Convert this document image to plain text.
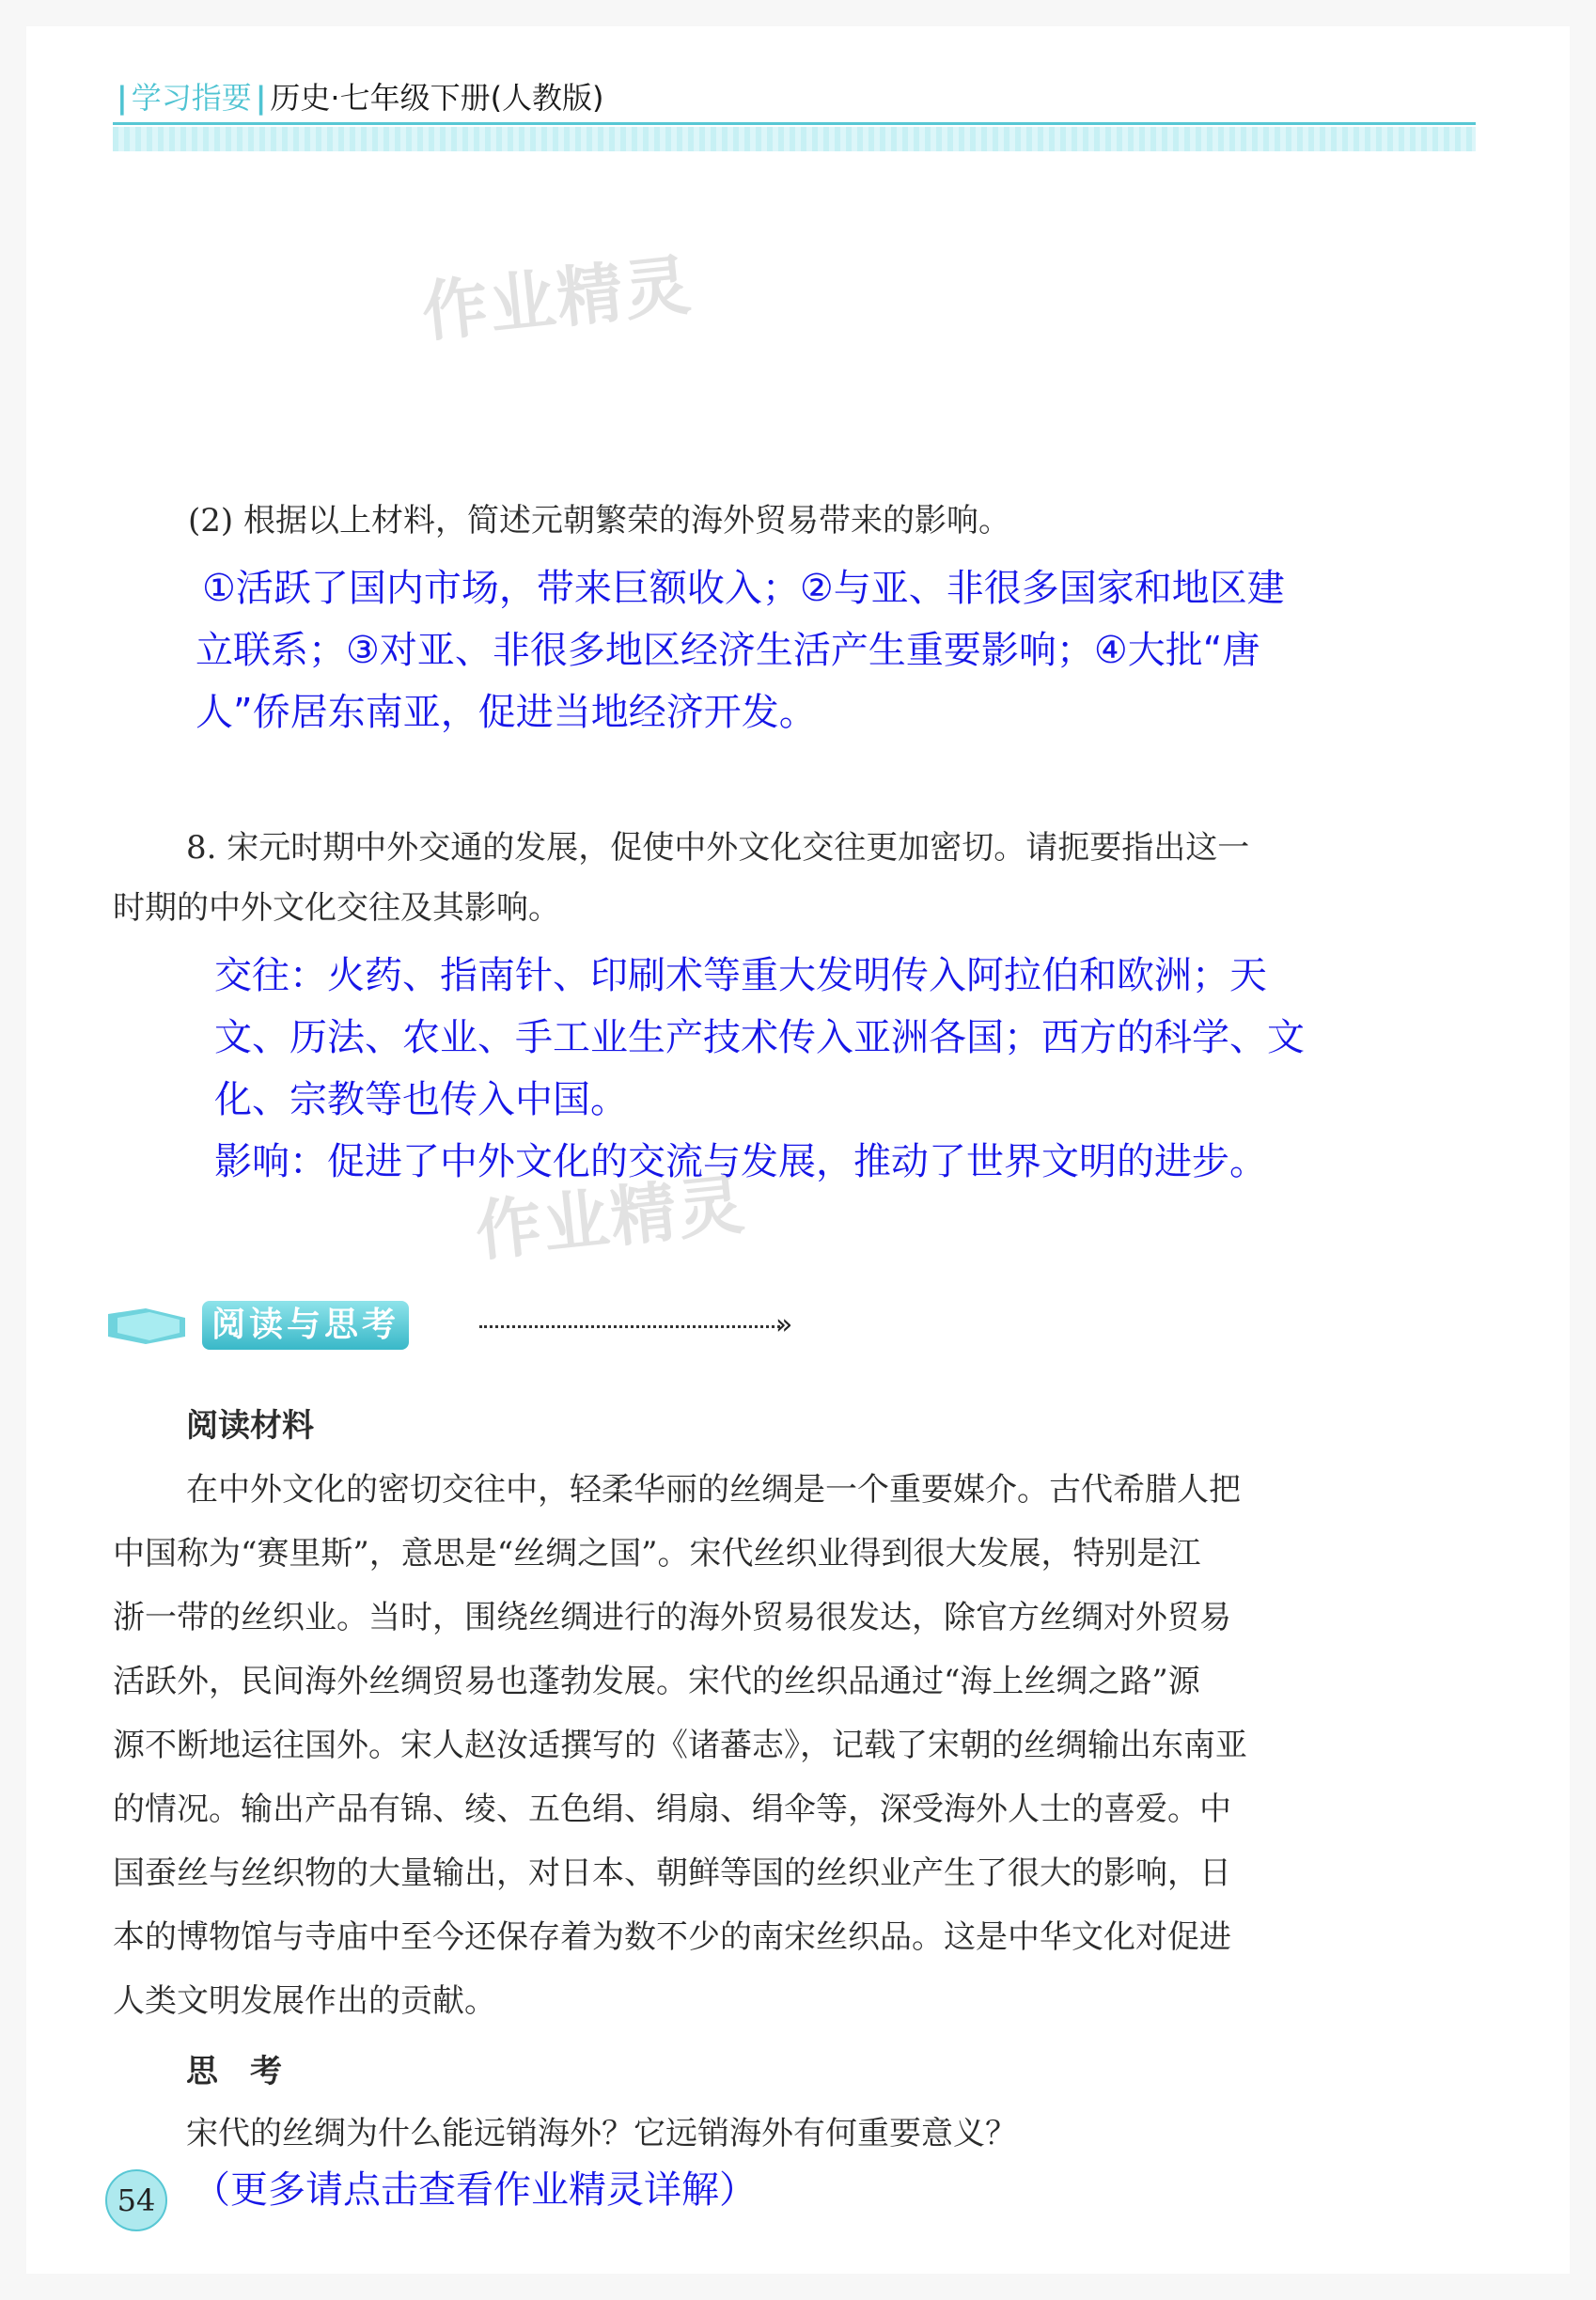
| 学习指要 | 历史·七年级下册(人教版)
作业精灵
作业精灵
(2) 根据以上材料，简述元朝繁荣的海外贸易带来的影响。
①活跃了国内市场，带来巨额收入；②与亚、非很多国家和地区建
立联系；③对亚、非很多地区经济生活产生重要影响；④大批“唐
人”侨居东南亚，促进当地经济开发。
8. 宋元时期中外交通的发展，促使中外文化交往更加密切。请扼要指出这一
时期的中外文化交往及其影响。
交往：火药、指南针、印刷术等重大发明传入阿拉伯和欧洲；天
文、历法、农业、手工业生产技术传入亚洲各国；西方的科学、文
化、宗教等也传入中国。
影响：促进了中外文化的交流与发展，推动了世界文明的进步。
阅读与思考	»
阅读材料
在中外文化的密切交往中，轻柔华丽的丝绸是一个重要媒介。古代希腊人把
中国称为“赛里斯”，意思是“丝绸之国”。宋代丝织业得到很大发展，特别是江
浙一带的丝织业。当时，围绕丝绸进行的海外贸易很发达，除官方丝绸对外贸易
活跃外，民间海外丝绸贸易也蓬勃发展。宋代的丝织品通过“海上丝绸之路”源
源不断地运往国外。宋人赵汝适撰写的《诸蕃志》，记载了宋朝的丝绸输出东南亚
的情况。输出产品有锦、绫、五色绢、绢扇、绢伞等，深受海外人士的喜爱。中
国蚕丝与丝织物的大量输出，对日本、朝鲜等国的丝织业产生了很大的影响，日
本的博物馆与寺庙中至今还保存着为数不少的南宋丝织品。这是中华文化对促进
人类文明发展作出的贡献。
思　考
宋代的丝绸为什么能远销海外？它远销海外有何重要意义？
（更多请点击查看作业精灵详解）
54
